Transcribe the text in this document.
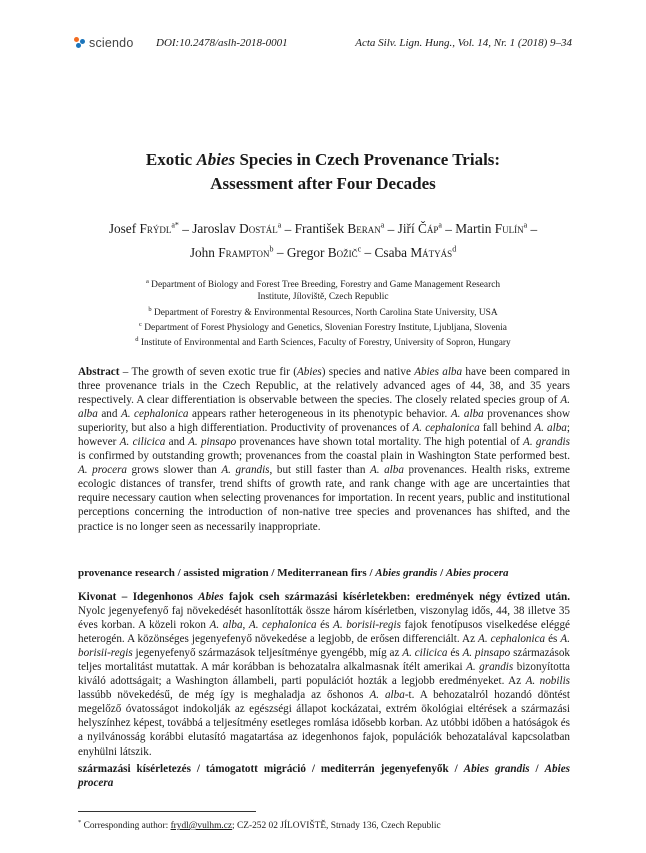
sciendo DOI:10.2478/aslh-2018-0001	Acta Silv. Lign. Hung., Vol. 14, Nr. 1 (2018) 9–34
Exotic Abies Species in Czech Provenance Trials:
Assessment after Four Decades
Josef Frýdl$^{a*}$ – Jaroslav Dostál$^a$ – František Beran$^a$ – Jiří Čáp$^a$ – Martin Fulín$^a$ –
John Frampton$^b$ – Gregor Božič$^c$ – Csaba Mátyás$^d$
$^a$ Department of Biology and Forest Tree Breeding, Forestry and Game Management Research Institute, Jíloviště, Czech Republic
$^b$ Department of Forestry & Environmental Resources, North Carolina State University, USA
$^c$ Department of Forest Physiology and Genetics, Slovenian Forestry Institute, Ljubljana, Slovenia
$^d$ Institute of Environmental and Earth Sciences, Faculty of Forestry, University of Sopron, Hungary
Abstract – The growth of seven exotic true fir (Abies) species and native Abies alba have been compared in three provenance trials in the Czech Republic, at the relatively advanced ages of 44, 38, and 35 years respectively. A clear differentiation is observable between the species. The closely related species group of A. alba and A. cephalonica appears rather heterogeneous in its phenotypic behavior. A. alba provenances show superiority, but also a high differentiation. Productivity of provenances of A. cephalonica fall behind A. alba; however A. cilicica and A. pinsapo provenances have shown total mortality. The high potential of A. grandis is confirmed by outstanding growth; provenances from the coastal plain in Washington State performed best. A. procera grows slower than A. grandis, but still faster than A. alba provenances. Health risks, extreme ecologic distances of transfer, trend shifts of growth rate, and rank change with age are uncertainties that require necessary caution when selecting provenances for importation. In recent years, public and institutional perceptions concerning the introduction of non-native tree species and provenances has shifted, and the practice is no longer seen as necessarily inappropriate.
provenance research / assisted migration / Mediterranean firs / Abies grandis / Abies procera
Kivonat – Idegenhonos Abies fajok cseh származási kísérletekben: eredmények négy évtized után. Nyolc jegenyefenyő faj növekedését hasonlították össze három kísérletben, viszonylag idős, 44, 38 illetve 35 éves korban. A közeli rokon A. alba, A. cephalonica és A. borisii-regis fajok fenotípusos viselkedése eléggé heterogén. A közönséges jegenyefenyő növekedése a legjobb, de erősen differenciált. Az A. cephalonica és A. borisii-regis jegenyefenyő származások teljesítménye gyengébb, míg az A. cilicica és A. pinsapo származások teljes mortalitást mutattak. A már korábban is behozatalra alkalmasnak ítélt amerikai A. grandis bizonyította kiváló adottságait; a Washington állambeli, parti populációt hozták a legjobb eredményeket. Az A. nobilis lassúbb növekedésű, de még így is meghaladja az őshonos A. alba-t. A behozatalról hozandó döntést megelőző óvatosságot indokolják az egészségi állapot kockázatai, extrém ökológiai eltérések a származási helyszínhez képest, továbbá a teljesítmény esetleges romlása idősebb korban. Az utóbbi időben a hatóságok és a nyilvánosság korábbi elutasító magatartása az idegenhonos fajok, populációk behozatalával kapcsolatban enyhülni látszik.
származási kísérletezés / támogatott migráció / mediterrán jegenyefenyők / Abies grandis / Abies procera
* Corresponding author: frydl@vulhm.cz; CZ-252 02 JÍLOVIŠTĚ, Strnady 136, Czech Republic
